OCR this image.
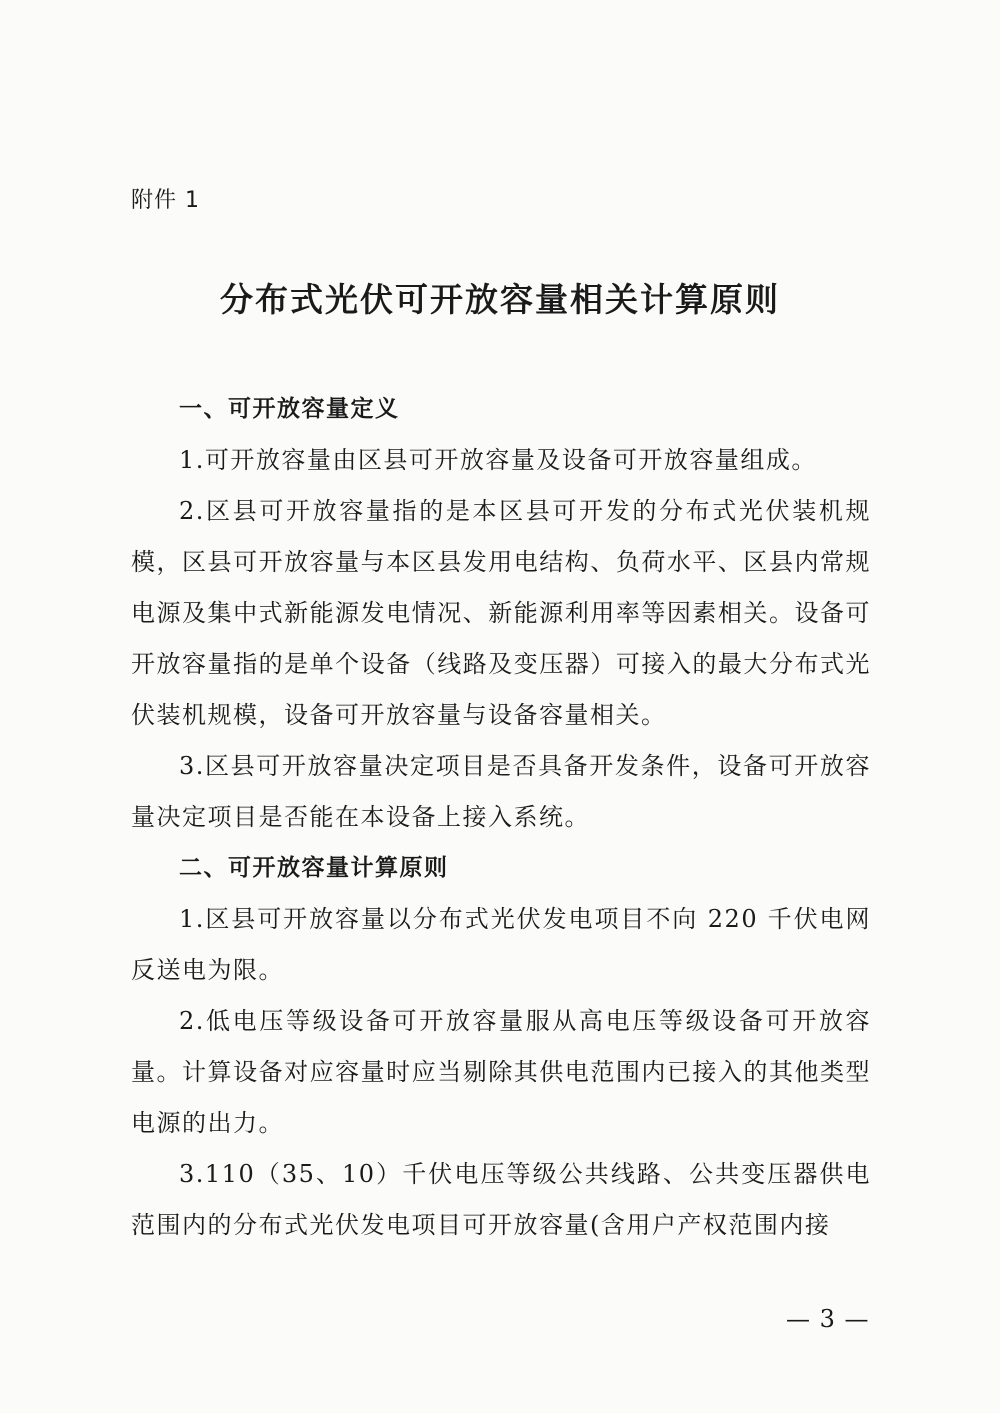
附件 1

分布式光伏可开放容量相关计算原则

一、可开放容量定义

1.可开放容量由区县可开放容量及设备可开放容量组成。

2.区县可开放容量指的是本区县可开发的分布式光伏装机规模，区县可开放容量与本区县发用电结构、负荷水平、区县内常规电源及集中式新能源发电情况、新能源利用率等因素相关。设备可开放容量指的是单个设备（线路及变压器）可接入的最大分布式光伏装机规模，设备可开放容量与设备容量相关。

3.区县可开放容量决定项目是否具备开发条件，设备可开放容量决定项目是否能在本设备上接入系统。

二、可开放容量计算原则

1.区县可开放容量以分布式光伏发电项目不向 220 千伏电网反送电为限。

2.低电压等级设备可开放容量服从高电压等级设备可开放容量。计算设备对应容量时应当剔除其供电范围内已接入的其他类型电源的出力。

3.110（35、10）千伏电压等级公共线路、公共变压器供电范围内的分布式光伏发电项目可开放容量(含用户产权范围内接

— 3 —
